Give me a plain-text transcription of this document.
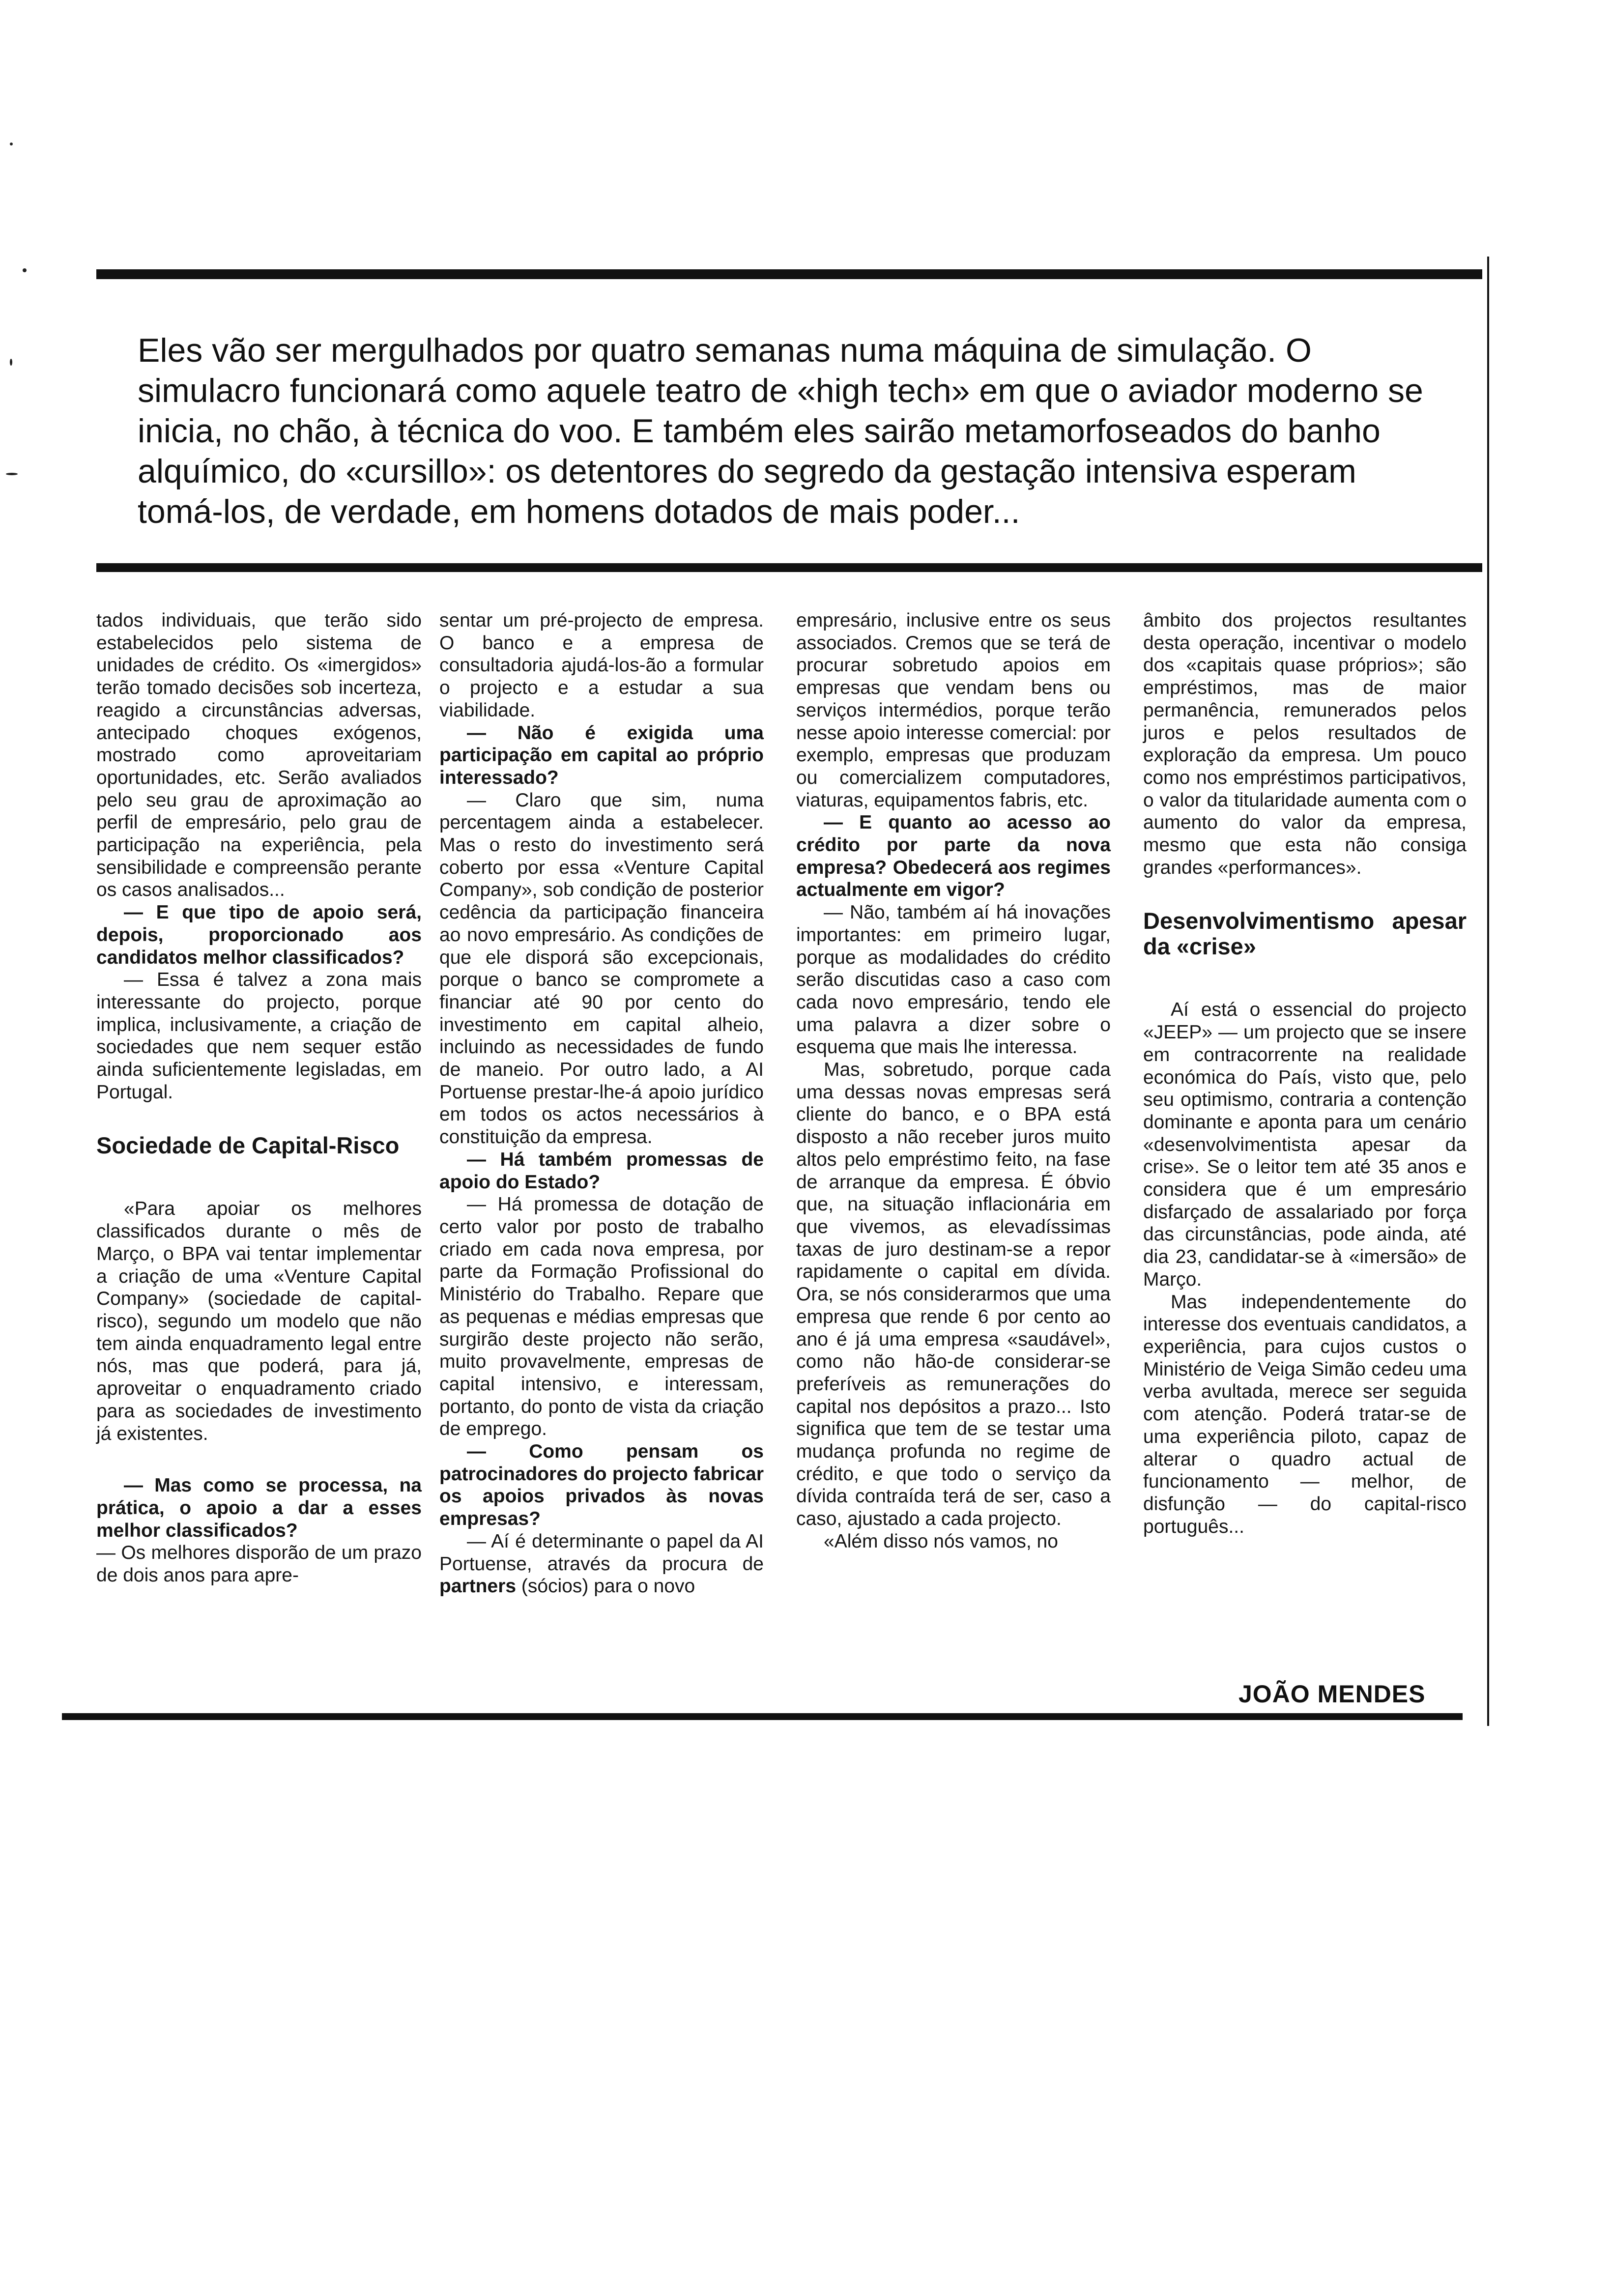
Eles vão ser mergulhados por quatro semanas numa máquina de simulação. O simulacro funcionará como aquele teatro de «high tech» em que o aviador moderno se inicia, no chão, à técnica do voo. E também eles sairão metamorfoseados do banho alquímico, do «cursillo»: os detentores do segredo da gestação intensiva esperam tomá-los, de verdade, em homens dotados de mais poder...

tados individuais, que terão sido estabelecidos pelo sistema de unidades de crédito. Os «imergidos» terão tomado decisões sob incerteza, reagido a circunstâncias adversas, antecipado choques exógenos, mostrado como aproveitariam oportunidades, etc. Serão avaliados pelo seu grau de aproximação ao perfil de empresário, pelo grau de participação na experiência, pela sensibilidade e compreensão perante os casos analisados...

— E que tipo de apoio será, depois, proporcionado aos candidatos melhor classificados?

— Essa é talvez a zona mais interessante do projecto, porque implica, inclusivamente, a criação de sociedades que nem sequer estão ainda suficientemente legisladas, em Portugal.

Sociedade de Capital-Risco

«Para apoiar os melhores classificados durante o mês de Março, o BPA vai tentar implementar a criação de uma «Venture Capital Company» (sociedade de capital-risco), segundo um modelo que não tem ainda enquadramento legal entre nós, mas que poderá, para já, aproveitar o enquadramento criado para as sociedades de investimento já existentes.

— Mas como se processa, na prática, o apoio a dar a esses melhor classificados?

— Os melhores disporão de um prazo de dois anos para apre-

sentar um pré-projecto de empresa. O banco e a empresa de consultadoria ajudá-los-ão a formular o projecto e a estudar a sua viabilidade.

— Não é exigida uma participação em capital ao próprio interessado?

— Claro que sim, numa percentagem ainda a estabelecer. Mas o resto do investimento será coberto por essa «Venture Capital Company», sob condição de posterior cedência da participação financeira ao novo empresário. As condições de que ele disporá são excepcionais, porque o banco se compromete a financiar até 90 por cento do investimento em capital alheio, incluindo as necessidades de fundo de maneio. Por outro lado, a AI Portuense prestar-lhe-á apoio jurídico em todos os actos necessários à constituição da empresa.

— Há também promessas de apoio do Estado?

— Há promessa de dotação de certo valor por posto de trabalho criado em cada nova empresa, por parte da Formação Profissional do Ministério do Trabalho. Repare que as pequenas e médias empresas que surgirão deste projecto não serão, muito provavelmente, empresas de capital intensivo, e interessam, portanto, do ponto de vista da criação de emprego.

— Como pensam os patrocinadores do projecto fabricar os apoios privados às novas empresas?

— Aí é determinante o papel da AI Portuense, através da procura de partners (sócios) para o novo

empresário, inclusive entre os seus associados. Cremos que se terá de procurar sobretudo apoios em empresas que vendam bens ou serviços intermédios, porque terão nesse apoio interesse comercial: por exemplo, empresas que produzam ou comercializem computadores, viaturas, equipamentos fabris, etc.

— E quanto ao acesso ao crédito por parte da nova empresa? Obedecerá aos regimes actualmente em vigor?

— Não, também aí há inovações importantes: em primeiro lugar, porque as modalidades do crédito serão discutidas caso a caso com cada novo empresário, tendo ele uma palavra a dizer sobre o esquema que mais lhe interessa.

Mas, sobretudo, porque cada uma dessas novas empresas será cliente do banco, e o BPA está disposto a não receber juros muito altos pelo empréstimo feito, na fase de arranque da empresa. É óbvio que, na situação inflacionária em que vivemos, as elevadíssimas taxas de juro destinam-se a repor rapidamente o capital em dívida. Ora, se nós considerarmos que uma empresa que rende 6 por cento ao ano é já uma empresa «saudável», como não hão-de considerar-se preferíveis as remunerações do capital nos depósitos a prazo... Isto significa que tem de se testar uma mudança profunda no regime de crédito, e que todo o serviço da dívida contraída terá de ser, caso a caso, ajustado a cada projecto.

«Além disso nós vamos, no

âmbito dos projectos resultantes desta operação, incentivar o modelo dos «capitais quase próprios»; são empréstimos, mas de maior permanência, remunerados pelos juros e pelos resultados de exploração da empresa. Um pouco como nos empréstimos participativos, o valor da titularidade aumenta com o aumento do valor da empresa, mesmo que esta não consiga grandes «performances».

Desenvolvimentismo apesar da «crise»

Aí está o essencial do projecto «JEEP» — um projecto que se insere em contracorrente na realidade económica do País, visto que, pelo seu optimismo, contraria a contenção dominante e aponta para um cenário «desenvolvimentista apesar da crise». Se o leitor tem até 35 anos e considera que é um empresário disfarçado de assalariado por força das circunstâncias, pode ainda, até dia 23, candidatar-se à «imersão» de Março.

Mas independentemente do interesse dos eventuais candidatos, a experiência, para cujos custos o Ministério de Veiga Simão cedeu uma verba avultada, merece ser seguida com atenção. Poderá tratar-se de uma experiência piloto, capaz de alterar o quadro actual de funcionamento — melhor, de disfunção — do capital-risco português...

JOÃO MENDES
